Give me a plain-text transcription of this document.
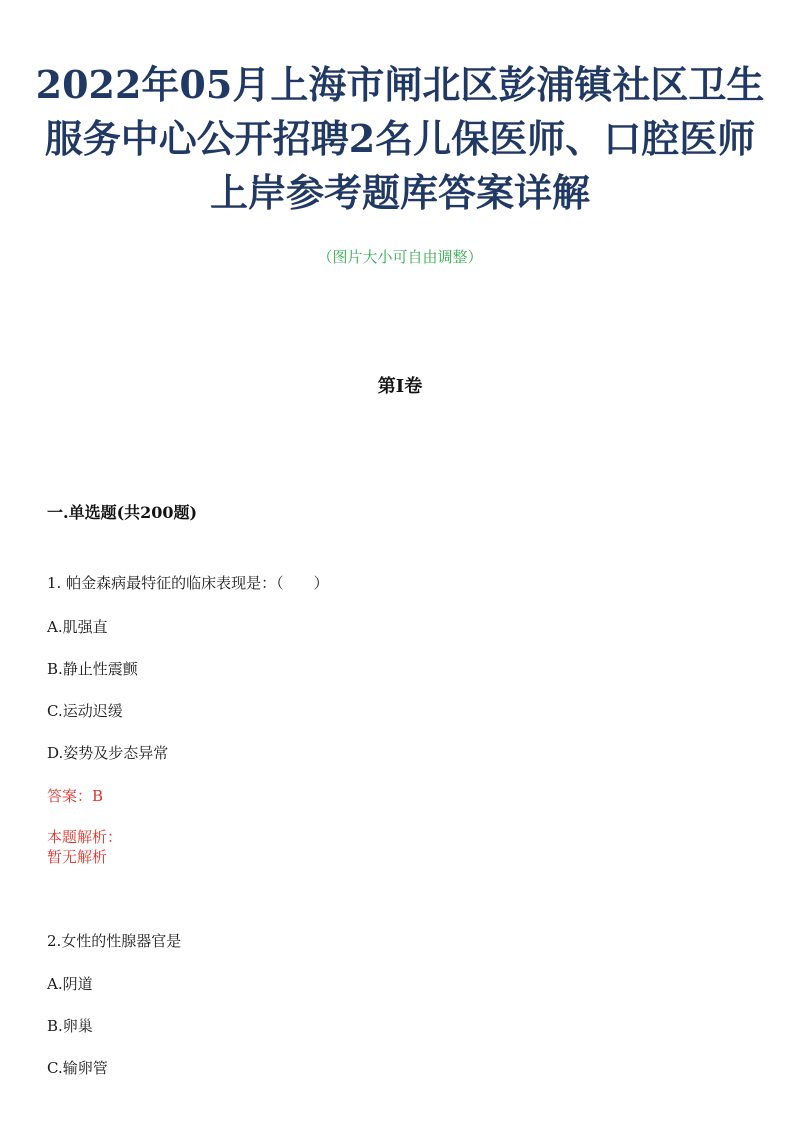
2022年05月上海市闸北区彭浦镇社区卫生
服务中心公开招聘2名儿保医师、口腔医师
上岸参考题库答案详解
（图片大小可自由调整）
第I卷
一.单选题(共200题)
1. 帕金森病最特征的临床表现是：（　　）
A.肌强直
B.静止性震颤
C.运动迟缓
D.姿势及步态异常
答案：B
本题解析：
暂无解析
2.女性的性腺器官是
A.阴道
B.卵巢
C.输卵管
